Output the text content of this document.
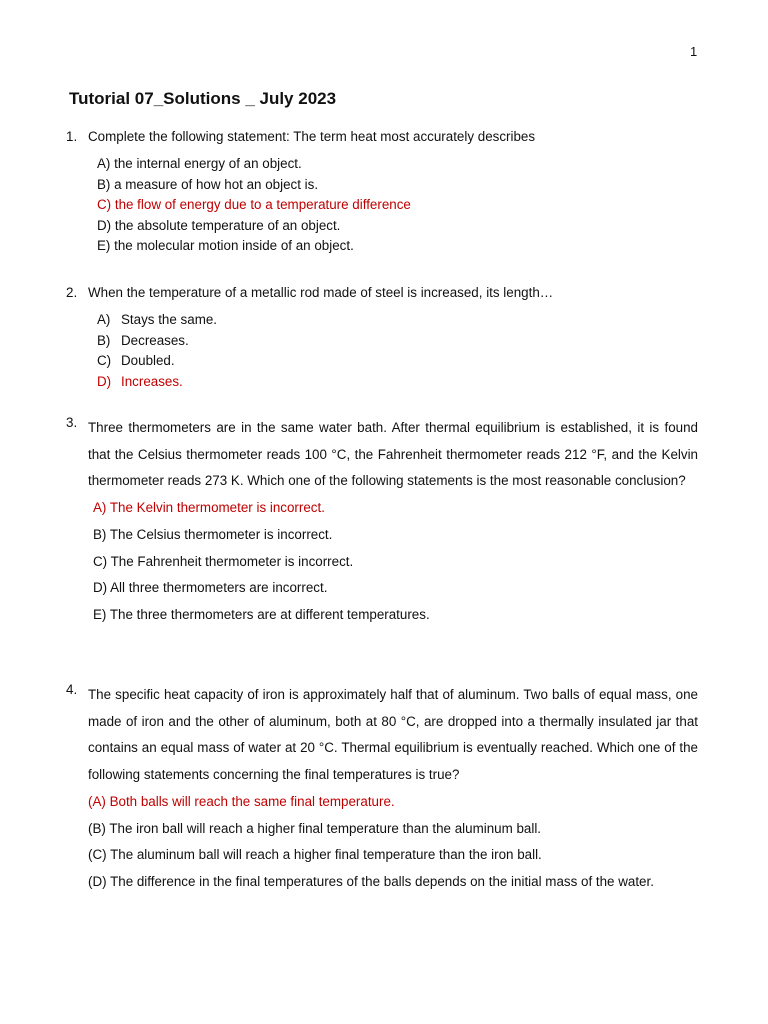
1
Tutorial 07_Solutions _ July 2023
1. Complete the following statement: The term heat most accurately describes
A) the internal energy of an object.
B) a measure of how hot an object is.
C) the flow of energy due to a temperature difference
D) the absolute temperature of an object.
E) the molecular motion inside of an object.
2. When the temperature of a metallic rod made of steel is increased, its length…
A) Stays the same.
B) Decreases.
C) Doubled.
D) Increases.
3. Three thermometers are in the same water bath. After thermal equilibrium is established, it is found that the Celsius thermometer reads 100 °C, the Fahrenheit thermometer reads 212 °F, and the Kelvin thermometer reads 273 K. Which one of the following statements is the most reasonable conclusion?
A) The Kelvin thermometer is incorrect.
B) The Celsius thermometer is incorrect.
C) The Fahrenheit thermometer is incorrect.
D) All three thermometers are incorrect.
E) The three thermometers are at different temperatures.
4. The specific heat capacity of iron is approximately half that of aluminum. Two balls of equal mass, one made of iron and the other of aluminum, both at 80 °C, are dropped into a thermally insulated jar that contains an equal mass of water at 20 °C. Thermal equilibrium is eventually reached. Which one of the following statements concerning the final temperatures is true?
(A) Both balls will reach the same final temperature.
(B) The iron ball will reach a higher final temperature than the aluminum ball.
(C) The aluminum ball will reach a higher final temperature than the iron ball.
(D) The difference in the final temperatures of the balls depends on the initial mass of the water.
